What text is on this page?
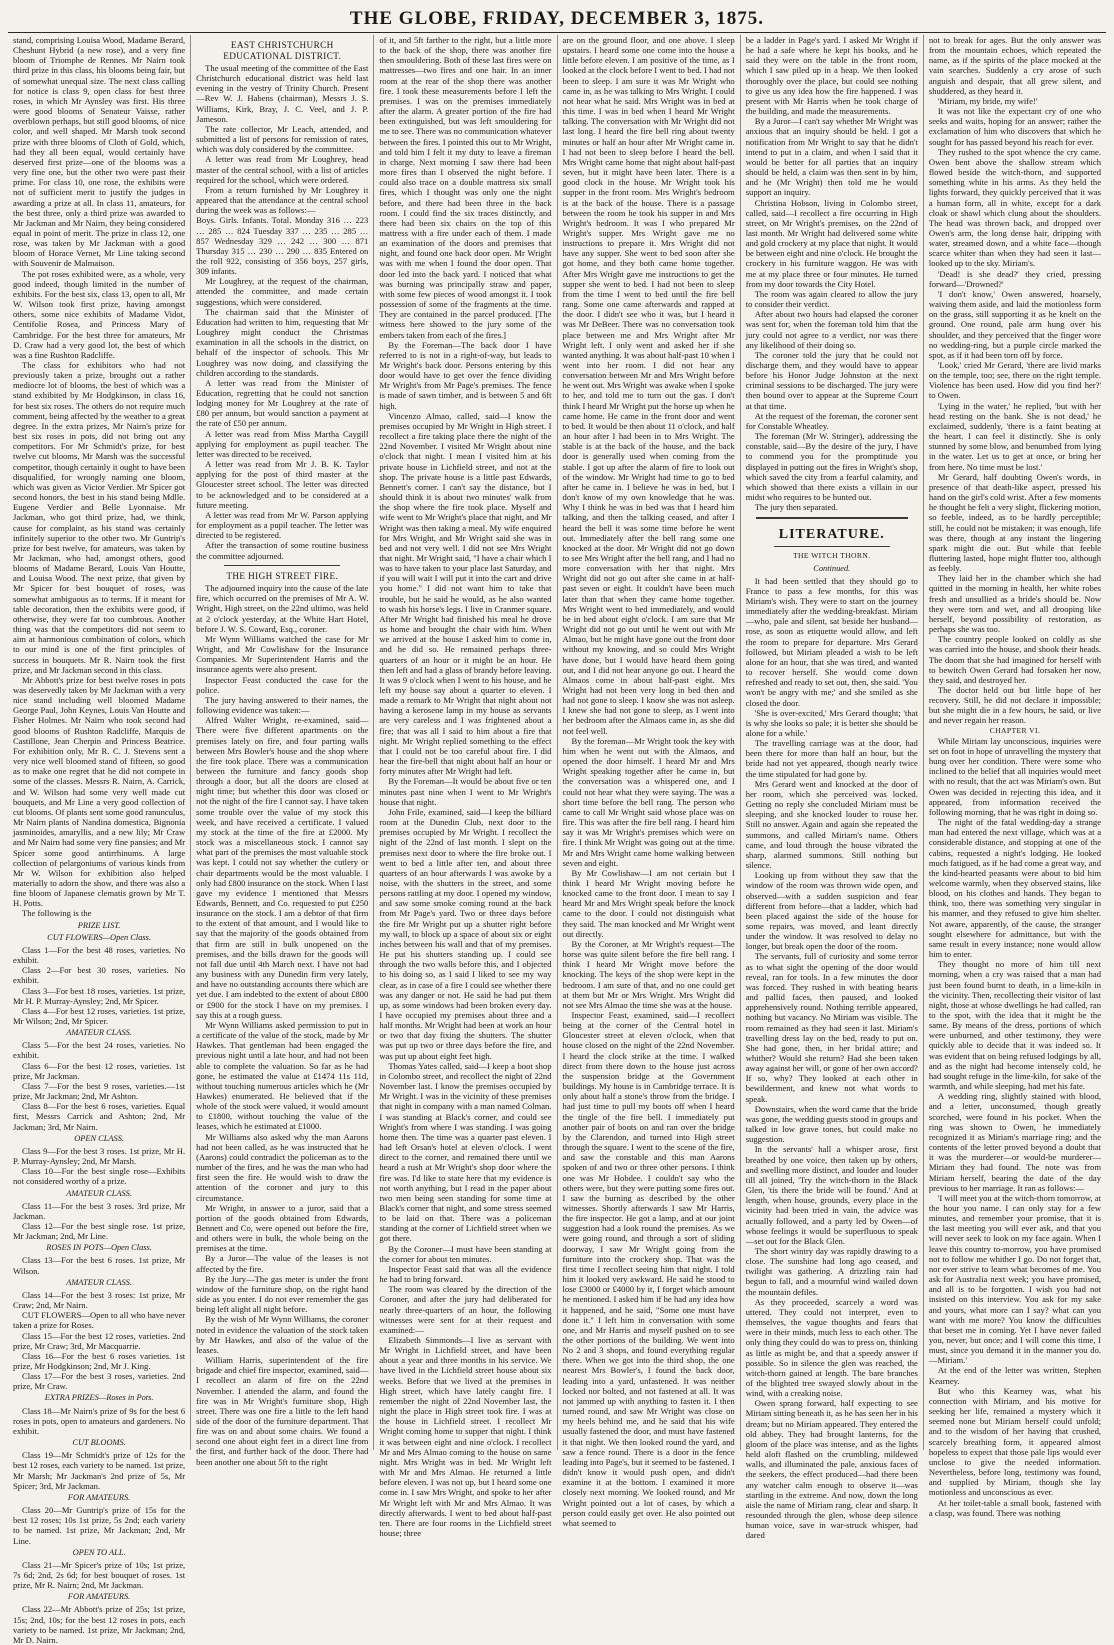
THE GLOBE, FRIDAY, DECEMBER 3, 1875.

stand, comprising Louisa Wood, Madame Berard, Cheshunt Hybrid (a new rose), and a very fine bloom of Triomphe de Rennes. Mr Nairn took third prize in this class, his blooms being fair, but of somewhat unequal size. The next class calling for notice is class 9, open class for best three roses, in which Mr Aynsley was first. His three were good blooms of Senateur Vaisse, rather overblown perhaps, but still good blooms, of nice color, and well shaped. Mr Marsh took second prize with three blooms of Cloth of Gold, which, had they all been equal, would certainly have deserved first prize—one of the blooms was a very fine one, but the other two were past their prime. For class 10, one rose, the exhibits were not of sufficient merit to justify the judges in awarding a prize at all. In class 11, amateurs, for the best three, only a third prize was awarded to Mr Jackman and Mr Nairn, they being considered equal in point of merit. The prize in class 12, one rose, was taken by Mr Jackman with a good bloom of Horace Vernet, Mr Line taking second with Souvenir de Malmaison.

The pot roses exhibited were, as a whole, very good indeed, though limited in the number of exhibits. For the best six, class 13, open to all, Mr W. Wilson took first prize, having amongst others, some nice exhibits of Madame Vidot, Centifolie Rosea, and Princess Mary of Cambridge. For the best three for amateurs, Mr D. Craw had a very good lot, the best of which was a fine Rushton Radcliffe.

The class for exhibitors who had not previously taken a prize, brought out a rather mediocre lot of blooms, the best of which was a stand exhibited by Mr Hodgkinson, in class 16, for best six roses. The others do not require much comment, being affected by the weather to a great degree. In the extra prizes, Mr Nairn's prize for best six roses in pots, did not bring out any competitors. For Mr Schmidt's prize, for best twelve cut blooms, Mr Marsh was the successful competitor, though certainly it ought to have been disqualified, for wrongly naming one bloom, which was given as Victor Verdier. Mr Spicer got second honors, the best in his stand being Mdlle. Eugene Verdier and Belle Lyonnaise. Mr Jackman, who got third prize, had, we think, cause for complaint, as his stand was certainly infinitely superior to the other two. Mr Guntrip's prize for best twelve, for amateurs, was taken by Mr Jackman, who had, amongst others, good blooms of Madame Berard, Louis Van Houtte, and Louisa Wood. The next prize, that given by Mr Spicer for best bouquet of roses, was somewhat ambiguous as to terms. If it meant for table decoration, then the exhibits were good, if otherwise, they were far too cumbrous. Another thing was that the competitors did not seem to aim at harmonious combination of colors, which to our mind is one of the first principles of success in bouquets. Mr R. Nairn took the first prize, and Mr Jackman second in this class.

Mr Abbott's prize for best twelve roses in pots was deservedly taken by Mr Jackman with a very nice stand including well bloomed Madame George Paul, John Keynes, Louis Van Houtte and Fisher Holmes. Mr Nairn who took second had good blooms of Rushton Radcliffe, Marquis de Castillone, Jean Cherpin and Princess Beatrice. For exhibition only, Mr R. C. J. Stevens sent a very nice well bloomed stand of fifteen, so good as to make one regret that he did not compete in some of the classes. Messrs R. Nairn, A. Carrick, and W. Wilson had some very well made cut bouquets, and Mr Line a very good collection of cut blooms. Of plants sent some good ranunculus, Mr Nairn plants of Nandina domestica, Bignonia jasminoides, amaryllis, and a new lily; Mr Craw and Mr Nairn had some very fine pansies; and Mr Spicer some good antirrhinums. A large collection of pelargoniums of various kinds from Mr W. Wilson for exhibition also helped materially to adorn the show, and there was also a fine bloom of Japanese clematis grown by Mr T. H. Potts.

The following is the

PRIZE LIST.
CUT FLOWERS—Open Class.

Class 1—For the best 48 roses, varieties. No exhibit.

Class 2—For best 30 roses, varieties. No exhibit.

Class 3—For best 18 roses, varieties. 1st prize, Mr H. P. Murray-Aynsley; 2nd, Mr Spicer.

Class 4—For best 12 roses, varieties. 1st prize, Mr Wilson; 2nd, Mr Spicer.

AMATEUR CLASS.

Class 5—For the best 24 roses, varieties. No exhibit.

Class 6—For the best 12 roses, varieties. 1st prize, Mr Jackman.

Class 7—For the best 9 roses, varieties.—1st prize, Mr Jackman; 2nd, Mr Ashton.

Class 8—For the best 6 roses, varieties. Equal first, Messrs Carrick and Ashton; 2nd, Mr Jackman; 3rd, Mr Nairn.

OPEN CLASS.

Class 9—For the best 3 roses. 1st prize, Mr H. P. Murray-Aynsley; 2nd, Mr Marsh.

Class 10—For the best single rose—Exhibits not considered worthy of a prize.

AMATEUR CLASS.

Class 11—For the best 3 roses. 3rd prize, Mr Jackman.

Class 12—For the best single rose. 1st prize, Mr Jackman; 2nd, Mr Line.

ROSES IN POTS—Open Class.

Class 13—For the best 6 roses. 1st prize, Mr Wilson.

AMATEUR CLASS.

Class 14—For the best 3 roses: 1st prize, Mr Craw; 2nd, Mr Nairn.

CUT FLOWERS—Open to all who have never taken a prize for Roses.

Class 15—For the best 12 roses, varieties. 2nd prize, Mr Craw; 3rd, Mr Macquarrie.

Class 16—For the best 6 roses varieties. 1st prize, Mr Hodgkinson; 2nd, Mr J. King.

Class 17—For the best 3 roses, varieties. 2nd prize, Mr Craw.

EXTRA PRIZES—Roses in Pots.

Class 18—Mr Nairn's prize of 9s for the best 6 roses in pots, open to amateurs and gardeners. No exhibit.

CUT BLOOMS.

Class 19—Mr Schmidt's prize of 12s for the best 12 roses, each variety to be named. 1st prize, Mr Marsh; Mr Jackman's 2nd prize of 5s, Mr Spicer; 3rd, Mr Jackman.

FOR AMATEURS.

Class 20—Mr Guntrip's prize of 15s for the best 12 roses; 10s 1st prize, 5s 2nd; each variety to be named. 1st prize, Mr Jackman; 2nd, Mr Line.

OPEN TO ALL.

Class 21—Mr Spicer's prize of 10s; 1st prize, 7s 6d; 2nd, 2s 6d; for best bouquet of roses. 1st prize, Mr R. Nairn; 2nd, Mr Jackman.

FOR AMATEURS.

Class 22—Mr Abbott's prize of 25s; 1st prize, 15s; 2nd, 10s; for the best 12 roses in pots, each variety to be named. 1st prize, Mr Jackman; 2nd, Mr D. Nairn.

EAST CHRISTCHURCH EDUCATIONAL DISTRICT.

The usual meeting of the committee of the East Christchurch educational district was held last evening in the vestry of Trinity Church. Present—Rev W. J. Habens (chairman), Messrs J. S. Williams, Kirk, Bray, J. C. Veel, and J. P. Jameson.

The rate collector, Mr Leach, attended, and submitted a list of persons for remission of rates, which was duly considered by the committee.

A letter was read from Mr Loughrey, head master of the central school, with a list of articles required for the school, which were ordered.

From a return furnished by Mr Loughrey it appeared that the attendance at the central school during the week was as follows:—

Boys. Girls. Infants. Total. Monday 316 … 223 … 285 … 824 Tuesday 337 … 235 … 285 … 857 Wednesday 329 … 242 … 300 … 871 Thursday 315 … 230 … 290 … 835 Entered on the roll 922, consisting of 356 boys, 257 girls, 309 infants.

Mr Loughrey, at the request of the chairman, attended the committee, and made certain suggestions, which were considered.

The chairman said that the Minister of Education had written to him, requesting that Mr Loughrey might conduct the Christmas examination in all the schools in the district, on behalf of the inspector of schools. This Mr Loughrey was now doing, and classifying the children according to the standards.

A letter was read from the Minister of Education, regretting that he could not sanction lodging money for Mr Loughrey at the rate of £80 per annum, but would sanction a payment at the rate of £50 per annum.

A letter was read from Miss Martha Caygill applying for employment as pupil teacher. The letter was directed to be received.

A letter was read from Mr J. B. K. Taylor applying for the post of third master at the Gloucester street school. The letter was directed to be acknowledged and to be considered at a future meeting.

A letter was read from Mr W. Parson applying for employment as a pupil teacher. The letter was directed to be registered.

After the transaction of some routine business the committee adjourned.

THE HIGH STREET FIRE.

The adjourned inquiry into the cause of the late fire, which occurred on the premises of Mr A. W. Wright, High street, on the 22nd ultimo, was held at 2 o'clock yesterday, at the White Hart Hotel, before J. W. S. Coward, Esq., coroner.

Mr Wynn Williams watched the case for Mr Wright, and Mr Cowlishaw for the Insurance Companies. Mr Superintendent Harris and the insurance agents were also present.

Inspector Feast conducted the case for the police.

The jury having answered to their names, the following evidence was taken:—

Alfred Walter Wright, re-examined, said—There were five different apartments on the premises lately on fire, and four parting walls between Mrs Bowler's house and the shop where the fire took place. There was a communication between the furniture and fancy goods shop through a door, but all the doors are closed at night time; but whether this door was closed or not the night of the fire I cannot say. I have taken some trouble over the value of my stock this week, and have received a certificate. I valued my stock at the time of the fire at £2000. My stock was a miscellaneous stock. I cannot say what part of the premises the most valuable stock was kept. I could not say whether the cutlery or chair departments would be the most valuable. I only had £800 insurance on the stock. When I last gave my evidence I mentioned that Messrs Edwards, Bennett, and Co. requested to put £250 insurance on the stock. I am a debtor of that firm to the extent of that amount, and I would like to say that the majority of the goods obtained from that firm are still in bulk unopened on the premises, and the bills drawn for the goods will not fall due until 4th March next. I have not had any business with any Dunedin firm very lately, and have no outstanding accounts there which are yet due. I am indebted to the extent of about £800 or £900 for the stock I have on my premises. I say this at a rough guess.

Mr Wynn Williams asked permission to put in a certificate of the value of the stock, made by Mr Hawkes. That gentleman had been engaged the previous night until a late hour, and had not been able to complete the valuation. So far as he had gone, he estimated the value at £1474 11s 11d, without touching numerous articles which he (Mr Hawkes) enumerated. He believed that if the whole of the stock were valued, it would amount to £1800, without touching the value of the leases, which he estimated at £1000.

Mr Williams also asked why the man Aarons had not been called, as he was instructed that he (Aarons) could contradict the policeman as to the number of the fires, and he was the man who had first seen the fire. He would wish to draw the attention of the coroner and jury to this circumstance.

Mr Wright, in answer to a juror, said that a portion of the goods obtained from Edwards, Bennett and Co, were opened out before the fire, and others were in bulk, the whole being on the premises at the time.

By a Juror—The value of the leases is not affected by the fire.

By the Jury—The gas meter is under the front window of the furniture shop, on the right hand side as you enter. I do not ever remember the gas being left alight all night before.

By the wish of Mr Wynn Williams, the coroner noted in evidence the valuation of the stock taken by Mr Hawkes, and also of the value of the leases.

William Harris, superintendent of the fire brigade and chief fire inspector, examined, said—I recollect an alarm of fire on the 22nd November. I attended the alarm, and found the fire was in Mr Wright's furniture shop, High street. There was one fire a little to the left hand side of the door of the furniture department. That fire was on and about some chairs. We found a second one about eight feet in a direct line from the first, and further back of the door. There had been another one about 5ft to the right

of it, and 5ft farther to the right, but a little more to the back of the shop, there was another fire then smouldering. Both of these last fires were on mattresses—two fires and one hair. In an inner room at the rear of the shop there was another fire. I took these measurements before I left the premises. I was on the premises immediately after the alarm. A greater portion of the fire had been extinguished, but was left smouldering for me to see. There was no communication whatever between the fires. I pointed this out to Mr Wright, and told him I felt it my duty to leave a fireman in charge. Next morning I saw there had been more fires than I observed the night before. I could also trace on a double mattress six small fires, which I thought was only one the night before, and there had been three in the back room. I could find the six traces distinctly, and there had been six chairs on the top of this mattress with a fire under each of them. I made an examination of the doors and premises that night, and found one back door open. Mr Wright was with me when I found the door open. That door led into the back yard. I noticed that what was burning was principally straw and paper, with some few pieces of wood amongst it. I took possession of some of the fragments at the time. They are contained in the parcel produced. [The witness here showed to the jury some of the embers taken from each of the fires.]

By the Foreman—The back door I have referred to is not in a right-of-way, but leads to Mr Wright's back door. Persons entering by this door would have to get over the fence dividing Mr Wright's from Mr Page's premises. The fence is made of sawn timber, and is between 5 and 6ft high.

Vincenzo Almao, called, said—I know the premises occupied by Mr Wright in High street. I recollect a fire taking place there the night of the 22nd November. I visited Mr Wright about nine o'clock that night. I mean I visited him at his private house in Lichfield street, and not at the shop. The private house is a little past Edwards, Bennett's corner. I can't say the distance, but I should think it is about two minutes' walk from the shop where the fire took place. Myself and wife went to Mr Wright's place that night, and Mr Wright was then taking a meal. My wife enquired for Mrs Wright, and Mr Wright said she was in bed and not very well. I did not see Mrs Wright that night. Mr Wright said, "I have a chair which I was to have taken to your place last Saturday, and if you will wait I will put it into the cart and drive you home." I did not want him to take that trouble, but he said he would, as he also wanted to wash his horse's legs. I live in Cranmer square. After Mr Wright had finished his meal he drove us home and brought the chair with him. When we arrived at the house I asked him to come in, and he did so. He remained perhaps three-quarters of an hour or it might be an hour. He then left and had a glass of brandy before leaving. It was 9 o'clock when I went to his house, and he left my house say about a quarter to eleven. I made a remark to Mr Wright that night about not having a kerosene lamp in my house as servants are very careless and I was frightened about a fire; that was all I said to him about a fire that night. Mr Wright replied something to the effect that I could not be too careful about fire. I did hear the fire-bell that night about half an hour or forty minutes after Mr Wright had left.

By the Foreman—It would be about five or ten minutes past nine when I went to Mr Wright's house that night.

John Frile, examined, said—I keep the billiard room at the Dunedin Club, next door to the premises occupied by Mr Wright. I recollect the night of the 22nd of last month. I slept on the premises next door to where the fire broke out. I went to bed a little after ten, and about three quarters of an hour afterwards I was awoke by a noise, with the shutters in the street, and some persons rattling at my door. I opened my window, and saw some smoke coming round at the back from Mr Page's yard. Two or three days before the fire Mr Wright put up a shutter right before my wall, to block up a space of about six or eight inches between his wall and that of my premises. He put his shutters standing up. I could see through the two walls before this, and I objected to his doing so, as I said I liked to see my way clear, as in case of a fire I could see whether there was any danger or not. He said he had put them up, as some windows had been broken every day. I have occupied my premises about three and a half months. Mr Wright had been at work an hour or two that day fixing the shutters. The shutter was put up two or three days before the fire, and was put up about eight feet high.

Thomas Yates called, said—I keep a boot shop in Colombo street, and recollect the night of 22nd November last. I know the premises occupied by Mr Wright. I was in the vicinity of these premises that night in company with a man named Colman. I was standing at Black's corner, and could see Wright's from where I was standing. I was going home then. The time was a quarter past eleven. I had left Orsan's hotel at eleven o'clock. I went direct to the corner, and remained there until we heard a rush at Mr Wright's shop door where the fire was. I'd like to state here that my evidence is not worth anything, but I read in the paper about two men being seen standing for some time at Black's corner that night, and some stress seemed to be laid on that. There was a policeman standing at the corner of Lichfield street when we got there.

By the Coroner—I must have been standing at the corner for about ten minutes.

Inspector Feast said that was all the evidence he had to bring forward.

The room was cleared by the direction of the Coroner, and after the jury had deliberated for nearly three-quarters of an hour, the following witnesses were sent for at their request and examined:—

Elizabeth Simmonds—I live as servant with Mr Wright in Lichfield street, and have been about a year and three months in his service. We have lived in the Lichfield street house about six weeks. Before that we lived at the premises in High street, which have lately caught fire. I remember the night of 22nd November last, the night the place in High street took fire. I was at the house in Lichfield street. I recollect Mr Wright coming home to supper that night. I think it was between eight and nine o'clock. I recollect Mr and Mrs Almao coming to the house on same night. Mrs Wright was in bed. Mr Wright left with Mr and Mrs Almao. He returned a little before eleven. I was not up, but I heard some one come in. I saw Mrs Wright, and spoke to her after Mr Wright left with Mr and Mrs Almao. It was directly afterwards. I went to bed about half-past ten. There are four rooms in the Lichfield street house; three

are on the ground floor, and one above. I sleep upstairs. I heard some one come into the house a little before eleven. I am positive of the time, as I looked at the clock before I went to bed. I had not been to sleep. I am sure it was Mr Wright who came in, as he was talking to Mrs Wright. I could not hear what he said. Mrs Wright was in bed at this time. I was in bed when I heard Mr Wright talking. The conversation with Mr Wright did not last long. I heard the fire bell ring about twenty minutes or half an hour after Mr Wright came in. I had not been to sleep before I heard the bell. Mrs Wright came home that night about half-past seven, but it might have been later. There is a good clock in the house. Mr Wright took his supper in the front room. Mrs Wright's bedroom is at the back of the house. There is a passage between the room he took his supper in and Mrs Wright's bedroom. It was I who prepared Mr Wright's supper. Mrs Wright gave me no instructions to prepare it. Mrs Wright did not have any supper. She went to bed soon after she got home, and they both came home together. After Mrs Wright gave me instructions to get the supper she went to bed. I had not been to sleep from the time I went to bed until the fire bell rang. Some one came afterwards and rapped at the door. I didn't see who it was, but I heard it was Mr DeBeer. There was no conversation took place between me and Mrs Wright after Mr Wright left. I only went and asked her if she wanted anything. It was about half-past 10 when I went into her room. I did not hear any conversation between Mr and Mrs Wright before he went out. Mrs Wright was awake when I spoke to her, and told me to turn out the gas. I don't think I heard Mr Wright put the horse up when he came home. He came in the front door and went to bed. It would be then about 11 o'clock, and half an hour after I had been in to Mrs Wright. The stable is at the back of the house, and the back door is generally used when coming from the stable. I got up after the alarm of fire to look out of the window. Mr Wright had time to go to bed after he came in. I believe he was in bed, but I don't know of my own knowledge that he was. Why I think he was in bed was that I heard him talking, and then the talking ceased, and after I heard the bell it was some time before he went out. Immediately after the bell rang some one knocked at the door. Mr Wright did not go down to see Mrs Wright after the bell rang, and I had no more conversation with her that night. Mrs Wright did not go out after she came in at half-past seven or eight. It couldn't have been much later than that when they came home together. Mrs Wright went to bed immediately, and would be in bed about eight o'clock. I am sure that Mr Wright did not go out until he went out with Mr Almao, but he might have gone out the front door without my knowing, and so could Mrs Wright have done, but I would have heard them going out, and I did not hear anyone go out. I heard the Almaos come in about half-past eight. Mrs Wright had not been very long in bed then and had not gone to sleep. I know she was not asleep. I knew she had not gone to sleep, as I went into her bedroom after the Almaos came in, as she did not feel well.

By the foreman—Mr Wright took the key with him when he went out with the Almaos, and opened the door himself. I heard Mr and Mrs Wright speaking together after he came in, but the conversation was a whispered one, and I could not hear what they were saying. The was a short time before the bell rang. The person who came to call Mr Wright said whose place was on fire. This was after the fire bell rang. I heard him say it was Mr Wright's premises which were on fire. I think Mr Wright was going out at the time. Mr and Mrs Wright came home walking between seven and eight.

By Mr Cowlishaw—I am not certain but I think I heard Mr Wright moving before he knocked came to the front door. I mean to say I heard Mr and Mrs Wright speak before the knock came to the door. I could not distinguish what they said. The man knocked and Mr Wright went out directly.

By the Coroner, at Mr Wright's request—The horse was quite silent before the fire bell rang. I think I heard Mr Wright move before the knocking. The keys of the shop were kept in the bedroom. I am sure of that, and no one could get at them but Mr or Mrs Wright. Mrs Wright did not see Mrs Almao the time she was at the house.

Inspector Feast, examined, said—I recollect being at the corner of the Central hotel in Gloucester street at eleven o'clock, when that house closed on the night of the 22nd November. I heard the clock strike at the time. I walked direct from there down to the house just across the suspension bridge at the Government buildings. My house is in Cambridge terrace. It is only about half a stone's throw from the bridge. I had just time to pull my boots off when I heard the tingle of the fire bell. I immediately put another pair of boots on and ran over the bridge by the Clarendon, and turned into High street through the square. I went to the scene of the fire, and saw the constable and this man Aarons spoken of and two or three other persons. I think one was Mr Hobdee. I couldn't say who the others were, but they were putting some fires out. I saw the burning as described by the other witnesses. Shortly afterwards I saw Mr Harris, the fire inspector. He got a lamp, and at our joint suggestion had a look round the premises. As we were going round, and through a sort of sliding doorway, I saw Mr Wright going from the furniture into the crockery shop. That was the first time I recollect seeing him that night. I told him it looked very awkward. He said he stood to lose £3000 or £4000 by it, I forget which amount he mentioned. I asked him if he had any idea how it happened, and he said, "Some one must have done it." I left him in conversation with some one, and Mr Harris and myself pushed on to see the other portions of the building. We went into No 2 and 3 shops, and found everything regular there. When we got into the third shop, the one nearest Mrs Bowler's, I found the back door, leading into a yard, unfastened. It was neither locked nor bolted, and not fastened at all. It was not jammed up with anything to fasten it. I then turned round, and saw Mr Wright was close on my heels behind me, and he said that his wife usually fastened the door, and must have fastened it that night. We then looked round the yard, and saw a fence round. There is a door in the fence leading into Page's, but it seemed to be fastened. I didn't know it would push open, and didn't examine it at the bottom. I examined it more closely next morning. We looked round, and Mr Wright pointed out a lot of cases, by which a person could easily get over. He also pointed out what seemed to

be a ladder in Page's yard. I asked Mr Wright if he had a safe where he kept his books, and he said they were on the table in the front room, which I saw piled up in a heap. We then looked thoroughly over the place, but could see nothing to give us any idea how the fire happened. I was present with Mr Harris when he took charge of the building, and made the measurements.

By a Juror—I can't say whether Mr Wright was anxious that an inquiry should be held. I got a notification from Mr Wright to say that he didn't intend to put in a claim, and when I said that it would be better for all parties that an inquiry should be held, a claim was then sent in by him, and he (Mr Wright) then told me he would support an inquiry.

Christina Hobson, living in Colombo street, called, said—I recollect a fire occurring in High street, on Mr Wright's premises, on the 22nd of last month. Mr Wright had delivered some white and gold crockery at my place that night. It would be between eight and nine o'clock. He brought the crockery in his furniture waggon. He was with me at my place three or four minutes. He turned from my door towards the City Hotel.

The room was again cleared to allow the jury to consider their verdict.

After about two hours had elapsed the coroner was sent for, when the foreman told him that the jury could not agree to a verdict, nor was there any likelihood of their doing so.

The coroner told the jury that he could not discharge them, and they would have to appear before his Honor Judge Johnston at the next criminal sessions to be discharged. The jury were then bound over to appear at the Supreme Court at that time.

At the request of the foreman, the coroner sent for Constable Wheatley.

The foreman (Mr W. Stringer), addressing the constable, said—By the desire of the jury, I have to commend you for the promptitude you displayed in putting out the fires in Wright's shop, which saved the city from a fearful calamity, and which showed that there exists a villain in our midst who requires to be hunted out.

The jury then separated.

LITERATURE.

THE WITCH THORN.

Continued.

It had been settled that they should go to France to pass a few months, for this was Miriam's wish. They were to start on the journey immediately after the wedding-breakfast. Miriam—who, pale and silent, sat beside her husband—rose, as soon as etiquette would allow, and left the room to prepare for departure. Mrs Gerard followed, but Miriam pleaded a wish to be left alone for an hour, that she was tired, and wanted to recover herself. She would come down refreshed and ready to set out, then, she said. 'You won't be angry with me;' and she smiled as she closed the door.

'She is over-excited,' Mrs Gerard thought; 'that is why she looks so pale; it is better she should be alone for a while.'

The travelling carriage was at the door, had been there for more than half an hour, but the bride had not yet appeared, though nearly twice the time stipulated for had gone by.

Mrs Gerard went and knocked at the door of her room, which she perceived was locked. Getting no reply she concluded Miriam must be sleeping, and she knocked louder to rouse her. Still no answer. Again and again she repeated the summons, and called Miriam's name. Others came, and loud through the house vibrated the sharp, alarmed summons. Still nothing but silence.

Looking up from without they saw that the window of the room was thrown wide open, and observed—with a sudden suspicion and fear different from before—that a ladder, which had been placed against the side of the house for some repairs, was moved, and leant directly under the window. It was resolved to delay no longer, but break open the door of the room.

The servants, full of curiosity and some terror as to what sight the opening of the door would reveal, ran for tools. In a few minutes the door was forced. They rushed in with beating hearts and pallid faces, then paused, and looked apprehensively round. Nothing terrible appeared, nothing but vacancy. No Miriam was visible. The room remained as they had seen it last. Miriam's travelling dress lay on the bed, ready to put on. She had gone, then, in her bridal attire; and whither? Would she return? Had she been taken away against her will, or gone of her own accord? If so, why? They looked at each other in bewilderment, and knew not what words to speak.

Downstairs, when the word came that the bride was gone, the wedding guests stood in groups and talked in low grave tones, but could make no suggestion.

In the servants' hall a whisper arose, first breathed by one voice, then taken up by others, and swelling more distinct, and louder and louder till all joined, 'Try the witch-thorn in the Black Glen, 'tis there the bride will be found.' And at length, when house, grounds, every place in the vicinity had been tried in vain, the advice was actually followed, and a party led by Owen—of whose feelings it would be superfluous to speak—set out for the Black Glen.

The short wintry day was rapidly drawing to a close. The sunshine had long ago ceased, and twilight was gathering. A drizzling rain had begun to fall, and a mournful wind wailed down the mountain defiles.

As they proceeded, scarcely a word was uttered. They could not interpret, even to themselves, the vague thoughts and fears that were in their minds, much less to each other. The only thing they could do was to press on, thinking as little as might be, and that a speedy answer if possible. So in silence the glen was reached, the witch-thorn gained at length. The bare branches of the blighted tree swayed slowly about in the wind, with a creaking noise.

Owen sprang forward, half expecting to see Miriam sitting beneath it, as he has seen her in his dream; but no Miriam appeared. They entered the old abbey. They had brought lanterns, for the gloom of the place was intense, and as the lights held aloft flashed on the crumbling, mildewed walls, and illuminated the pale, anxious faces of the seekers, the effect produced—had there been any watcher calm enough to observe it—was startling in the extreme. And now, down the long aisle the name of Miriam rang, clear and sharp. It resounded through the glen, whose deep silence human voice, save in war-struck whisper, had dared

not to break for ages. But the only answer was from the mountain echoes, which repeated the name, as if the spirits of the place mocked at the vain searches. Suddenly a cry arose of such anguish and despair, that all grew silent, and shuddered, as they heard it.

'Miriam, my bride, my wife!'

It was not like the expectant cry of one who seeks and waits, hoping for an answer; rather the exclamation of him who discovers that which he sought for has passed beyond his reach for ever.

They rushed to the spot whence the cry came. Owen bent above the shallow stream which flowed beside the witch-thorn, and supported something white in his arms. As they held the lights forward, they quickly perceived that it was a human form, all in white, except for a dark cloak or shawl which clung about the shoulders. The head was thrown back, and dropped over Owen's arm, the long dense hair, dripping with water, streamed down, and a white face—though scarce whiter than when they had seen it last—looked up to the sky. Miriam's.

'Dead! is she dead?' they cried, pressing forward—'Drowned?'

'I don't know,' Owen answered, hoarsely, waiving them aside, and laid the motionless form on the grass, still supporting it as he knelt on the ground. One round, pale arm hung over his shoulder, and they perceived that the finger wore no wedding-ring, but a purple circle marked the spot, as if it had been torn off by force.

'Look,' cried Mr Gerard, 'there are livid marks on the temple, too; see, there on the right temple. Violence has been used. How did you find her?' to Owen.

'Lying in the water,' he replied, 'but with her head resting on the bank. She is not dead,' he exclaimed, suddenly, 'there is a faint beating at the heart. I can feel it distinctly. She is only stunned by some blow, and benumbed from lying in the water. Let us to get at once, or bring her from here. No time must be lost.'

Mr Gerard, half doubting Owen's words, in presence of that death-like aspect, pressed his hand on the girl's cold wrist. After a few moments he thought he felt a very slight, flickering motion, so feeble, indeed, as to be hardly perceptible; still, he could not be mistaken; it was enough, life was there, though at any instant the lingering spark might die out. But while that feeble fluttering lasted, hope might flutter too, although as feebly.

They laid her in the chamber which she had quitted in the morning in health, her white robes fresh and unsullied as a bride's should be. Now they were torn and wet, and all drooping like herself, beyond possibility of restoration, as perhaps she was too.

The country people looked on coldly as she was carried into the house, and shook their heads. The doom that she had imagined for herself with to bewitch Owen Gerard had forsaken her now, they said, and destroyed her.

The doctor held out but little hope of her recovery. Still, he did not declare it impossible; but she might die in a few hours, he said, or live and never regain her reason.

CHAPTER VI.

While Miriam lay unconscious, inquiries were set on foot in hope of unravelling the mystery that hung over her condition. There were some who inclined to the belief that all inquiries would meet with no result, that the act was Miriam's own. But Owen was decided in rejecting this idea, and it appeared, from information received the following morning, that he was right in doing so.

The night of the fatal wedding-day a strange man had entered the next village, which was at a considerable distance, and stopping at one of the cabins, requested a night's lodging. He looked much fatigued, as if he had come a great way, and the kind-hearted peasants were about to bid him welcome warmly, when they observed stains, like blood, on his clothes and hands. They began to think, too, there was something very singular in his manner, and they refused to give him shelter. Not aware, apparently, of the cause, the stranger sought elsewhere for admittance, but with the same result in every instance; none would allow him to enter.

They thought no more of him till next morning, when a cry was raised that a man had just been found burnt to death, in a lime-kiln in the vicinity. Then, recollecting their visitor of last night, those at whose dwellings he had called, ran to the spot, with the idea that it might be the same. By means of the dress, portions of which were unburned, and other testimony, they were quickly able to decide that it was indeed so. It was evident that on being refused lodgings by all, and as the night had become intensely cold, he had sought refuge in the lime-kiln, for sake of the warmth, and while sleeping, had met his fate.

A wedding ring, slightly stained with blood, and a letter, unconsumed, though greatly scorched, were found in his pocket. When the ring was shown to Owen, he immediately recognized it as Miriam's marriage ring; and the contents of the letter proved beyond a doubt that it was the murderer—or would-be murderer—Miriam they had found. The note was from Miriam herself, bearing the date of the day previous to her marriage. It ran as follows:—

'I will meet you at the witch-thorn tomorrow, at the hour you name. I can only stay for a few minutes, and remember your promise, that it is the last meeting you will ever ask, and that you will never seek to look on my face again. When I leave this country to-morrow, you have promised not to follow me whither I go. Do not forget that, nor ever strive to learn what becomes of me. You ask for Australia next week; you have promised, and all is to be forgotten. I wish you had not insisted on this interview. You ask for my sake and yours, what more can I say? what can you want with me more? You know the difficulties that beset me in coming. Yet I have never failed you, never, but once; and I will come this time, I must, since you demand it in the manner you do.—Miriam.'

At the end of the letter was written, Stephen Kearney.

But who this Kearney was, what his connection with Miriam, and his motive for seeking her life, remained a mystery which it seemed none but Miriam herself could unfold; and to the wisdom of her having that crushed, scarcely breathing form, it appeared almost hopeless to expect that those pale lips would ever unclose to give the needed information. Nevertheless, before long, testimony was found, and supplied by Miriam, though she lay motionless and unconscious as ever.

At her toilet-table a small book, fastened with a clasp, was found. There was nothing
